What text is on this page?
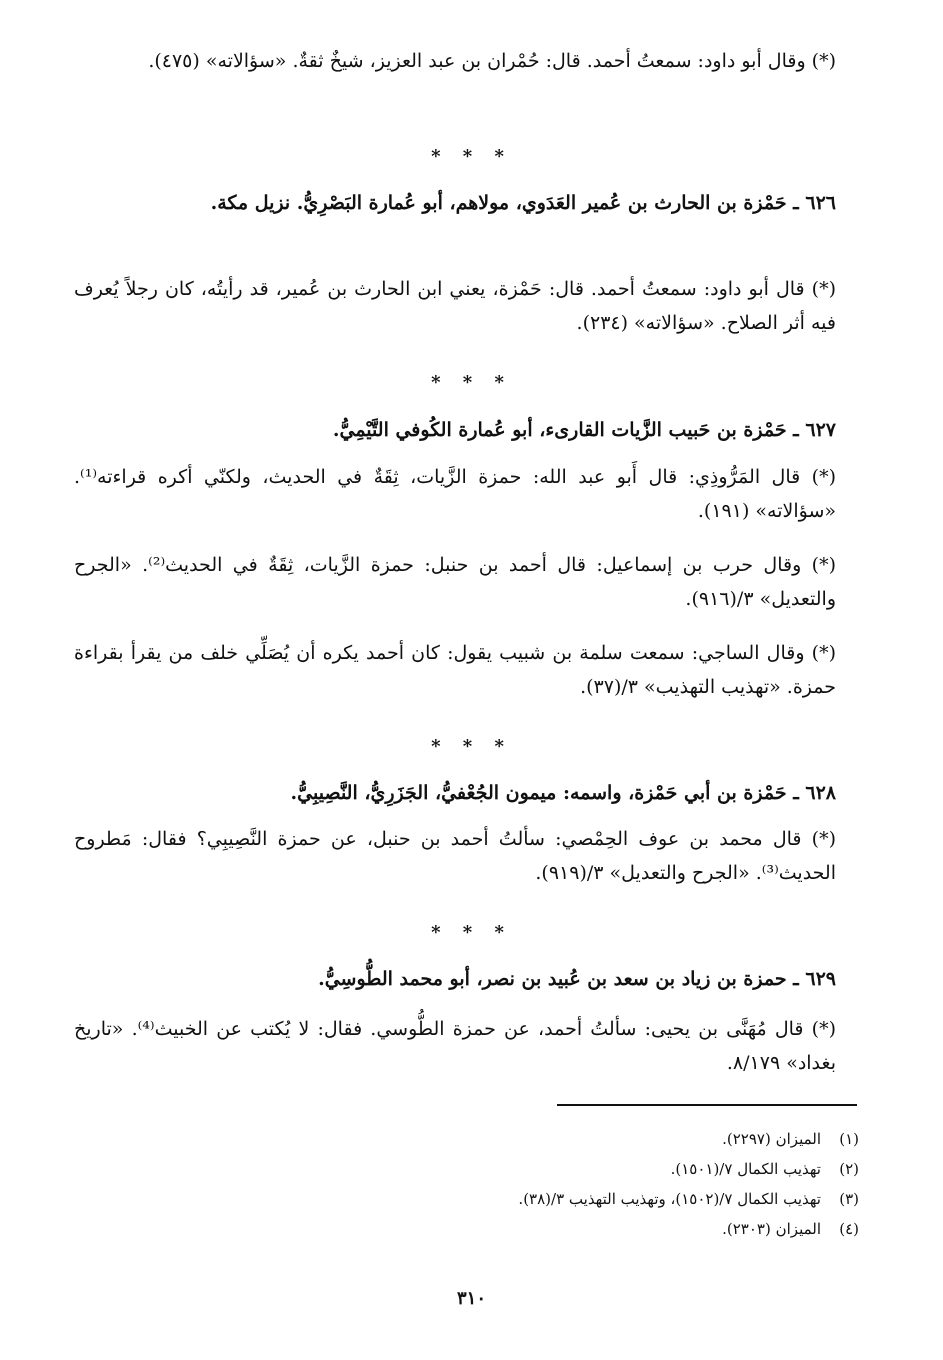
(*) وقال أبو داود: سمعتُ أحمد. قال: حُمْران بن عبد العزيز، شيخٌ ثقةٌ. «سؤالاته» (٤٧٥).

* * *

٦٢٦ ـ حَمْزة بن الحارث بن عُمير العَدَوي، مولاهم، أبو عُمارة البَصْرِيُّ. نزيل مكة.

(*) قال أبو داود: سمعتُ أحمد. قال: حَمْزة، يعني ابن الحارث بن عُمير، قد رأيتُه، كان رجلاً يُعرف فيه أثر الصلاح. «سؤالاته» (٢٣٤).

* * *

٦٢٧ ـ حَمْزة بن حَبيب الزَّيات القارىء، أبو عُمارة الكُوفي التَّيْمِيُّ.

(*) قال المَرُّوذِي: قال أَبو عبد الله: حمزة الزَّيات، ثِقَةٌ في الحديث، ولكنّي أكره قراءته⁽¹⁾. «سؤالاته» (١٩١).

(*) وقال حرب بن إسماعيل: قال أحمد بن حنبل: حمزة الزَّيات، ثِقَةٌ في الحديث⁽²⁾. «الجرح والتعديل» ٣/(٩١٦).

(*) وقال الساجي: سمعت سلمة بن شبيب يقول: كان أحمد يكره أن يُصَلِّي خلف من يقرأ بقراءة حمزة. «تهذيب التهذيب» ٣/(٣٧).

* * *

٦٢٨ ـ حَمْزة بن أبي حَمْزة، واسمه: ميمون الجُعْفيُّ، الجَزَرِيُّ، النَّصِيبِيُّ.

(*) قال محمد بن عوف الحِمْصي: سألتُ أحمد بن حنبل، عن حمزة النَّصِيبِي؟ فقال: مَطروح الحديث⁽³⁾. «الجرح والتعديل» ٣/(٩١٩).

* * *

٦٢٩ ـ حمزة بن زياد بن سعد بن عُبيد بن نصر، أبو محمد الطُّوسِيُّ.

(*) قال مُهَنَّى بن يحيى: سألتُ أحمد، عن حمزة الطُّوسي. فقال: لا يُكتب عن الخبيث⁽⁴⁾. «تاريخ بغداد» ٨/١٧٩.

(١)الميزان (٢٢٩٧).
(٢)تهذيب الكمال ٧/(١٥٠١).
(٣)تهذيب الكمال ٧/(١٥٠٢)، وتهذيب التهذيب ٣/(٣٨).
(٤)الميزان (٢٣٠٣).
٣١٠
